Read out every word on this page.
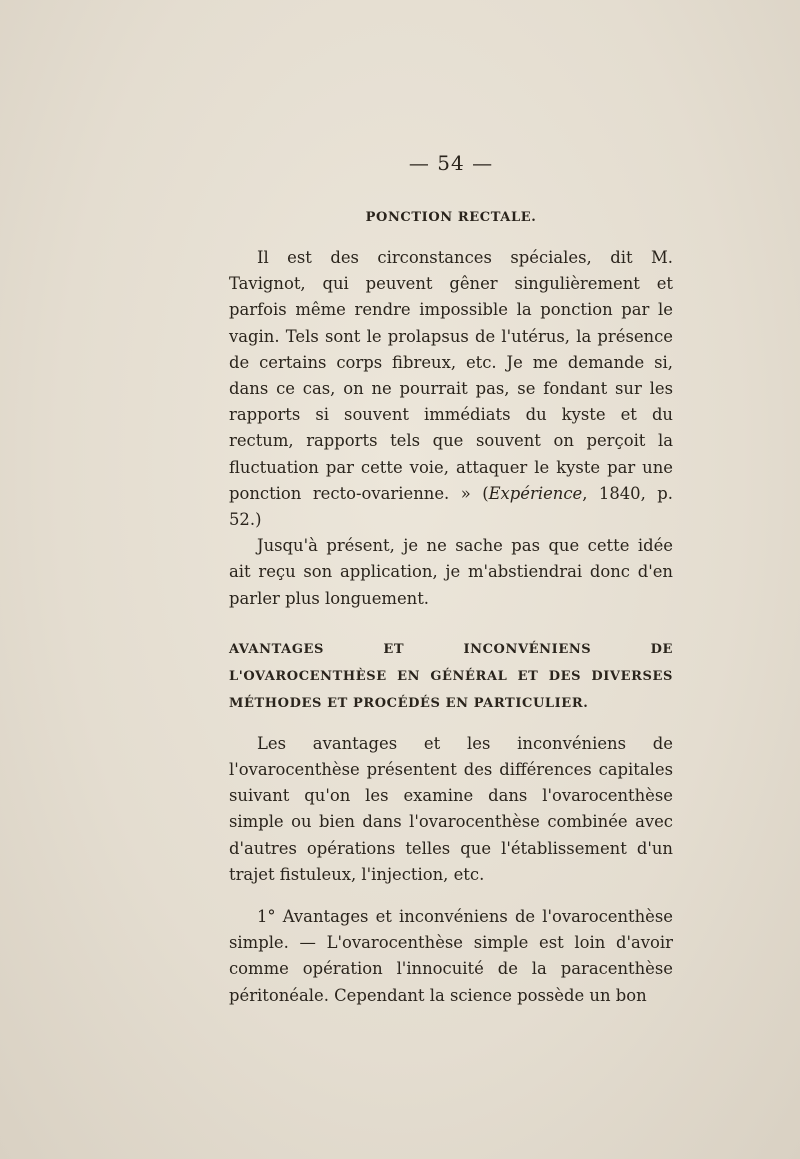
— 54 —
PONCTION RECTALE.

Il est des circonstances spéciales, dit M. Tavignot, qui peuvent gêner singulièrement et parfois même rendre impossible la ponction par le vagin. Tels sont le prolapsus de l'utérus, la présence de certains corps fibreux, etc. Je me demande si, dans ce cas, on ne pourrait pas, se fondant sur les rapports si souvent immédiats du kyste et du rectum, rapports tels que souvent on perçoit la fluctuation par cette voie, attaquer le kyste par une ponction recto-ovarienne. » (Expérience, 1840, p. 52.)

Jusqu'à présent, je ne sache pas que cette idée ait reçu son application, je m'abstiendrai donc d'en parler plus longuement.

AVANTAGES ET INCONVÉNIENS DE L'OVAROCENTHÈSE EN GÉNÉRAL ET DES DIVERSES MÉTHODES ET PROCÉDÉS EN PARTICULIER.

Les avantages et les inconvéniens de l'ovarocenthèse présentent des différences capitales suivant qu'on les examine dans l'ovarocenthèse simple ou bien dans l'ovarocenthèse combinée avec d'autres opérations telles que l'établissement d'un trajet fistuleux, l'injection, etc.

1° Avantages et inconvéniens de l'ovarocenthèse simple. — L'ovarocenthèse simple est loin d'avoir comme opération l'innocuité de la paracenthèse péritonéale. Cependant la science possède un bon
